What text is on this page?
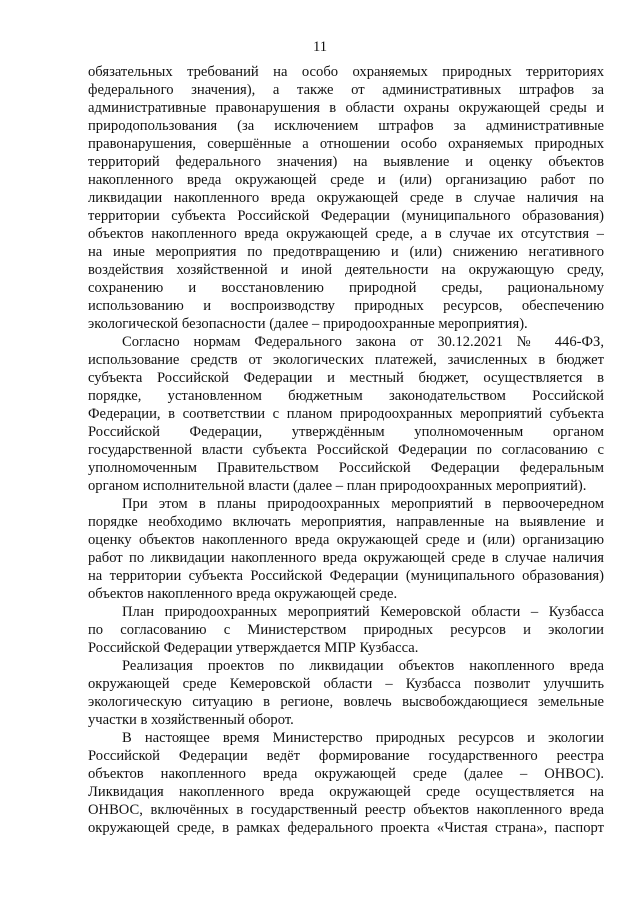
11
обязательных требований на особо охраняемых природных территориях
федерального значения), а также от административных штрафов за
административные правонарушения в области охраны окружающей среды и
природопользования (за исключением штрафов за административные
правонарушения, совершённые а отношении особо охраняемых природных
территорий федерального значения) на выявление и оценку объектов
накопленного вреда окружающей среде и (или) организацию работ по
ликвидации накопленного вреда окружающей среде в случае наличия на
территории субъекта Российской Федерации (муниципального образования)
объектов накопленного вреда окружающей среде, а в случае их отсутствия –
на иные мероприятия по предотвращению и (или) снижению негативного
воздействия хозяйственной и иной деятельности на окружающую среду,
сохранению и восстановлению природной среды, рациональному
использованию и воспроизводству природных ресурсов, обеспечению
экологической безопасности (далее – природоохранные мероприятия).
Согласно нормам Федерального закона от 30.12.2021 № 446-ФЗ,
использование средств от экологических платежей, зачисленных в бюджет
субъекта Российской Федерации и местный бюджет, осуществляется в
порядке, установленном бюджетным законодательством Российской
Федерации, в соответствии с планом природоохранных мероприятий субъекта
Российской Федерации, утверждённым уполномоченным органом
государственной власти субъекта Российской Федерации по согласованию с
уполномоченным Правительством Российской Федерации федеральным
органом исполнительной власти (далее – план природоохранных мероприятий).
При этом в планы природоохранных мероприятий в первоочередном
порядке необходимо включать мероприятия, направленные на выявление и
оценку объектов накопленного вреда окружающей среде и (или) организацию
работ по ликвидации накопленного вреда окружающей среде в случае наличия
на территории субъекта Российской Федерации (муниципального образования)
объектов накопленного вреда окружающей среде.
План природоохранных мероприятий Кемеровской области – Кузбасса
по согласованию с Министерством природных ресурсов и экологии
Российской Федерации утверждается МПР Кузбасса.
Реализация проектов по ликвидации объектов накопленного вреда
окружающей среде Кемеровской области – Кузбасса позволит улучшить
экологическую ситуацию в регионе, вовлечь высвобождающиеся земельные
участки в хозяйственный оборот.
В настоящее время Министерство природных ресурсов и экологии
Российской Федерации ведёт формирование государственного реестра
объектов накопленного вреда окружающей среде (далее – ОНВОС).
Ликвидация накопленного вреда окружающей среде осуществляется на
ОНВОС, включённых в государственный реестр объектов накопленного вреда
окружающей среде, в рамках федерального проекта «Чистая страна», паспорт
